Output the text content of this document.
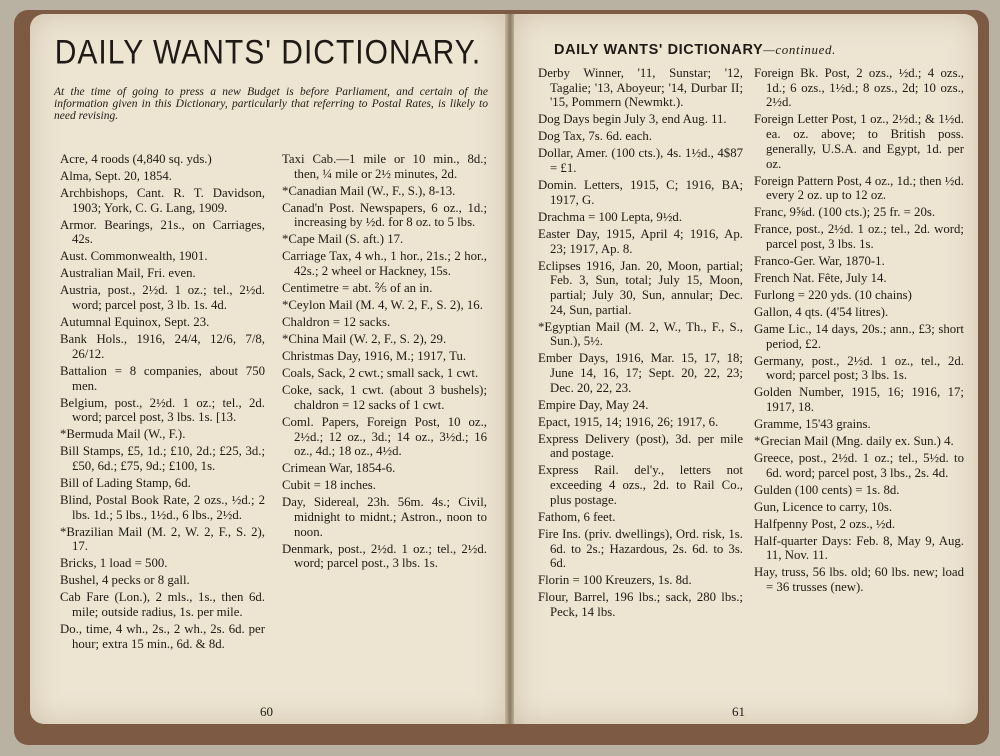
DAILY WANTS' DICTIONARY.
At the time of going to press a new Budget is before Parliament, and certain of the information given in this Dictionary, particularly that referring to Postal Rates, is likely to need revising.
Acre, 4 roods (4,840 sq. yds.)
Alma, Sept. 20, 1854.
Archbishops, Cant. R. T. Davidson, 1903; York, C. G. Lang, 1909.
Armor. Bearings, 21s., on Carriages, 42s.
Aust. Commonwealth, 1901.
Australian Mail, Fri. even.
Austria, post., 2½d. 1 oz.; tel., 2½d. word; parcel post, 3 lb. 1s. 4d.
Autumnal Equinox, Sept. 23.
Bank Hols., 1916, 24/4, 12/6, 7/8, 26/12.
Battalion = 8 companies, about 750 men.
Belgium, post., 2½d. 1 oz.; tel., 2d. word; parcel post, 3 lbs. 1s. [13.
*Bermuda Mail (W., F.).
Bill Stamps, £5, 1d.; £10, 2d.; £25, 3d.; £50, 6d.; £75, 9d.; £100, 1s.
Bill of Lading Stamp, 6d.
Blind, Postal Book Rate, 2 ozs., ½d.; 2 lbs. 1d.; 5 lbs., 1½d., 6 lbs., 2½d.
*Brazilian Mail (M. 2, W. 2, F., S. 2), 17.
Bricks, 1 load = 500.
Bushel, 4 pecks or 8 gall.
Cab Fare (Lon.), 2 mls., 1s., then 6d. mile; outside radius, 1s. per mile.
Do., time, 4 wh., 2s., 2 wh., 2s. 6d. per hour; extra 15 min., 6d. & 8d.
Taxi Cab.—1 mile or 10 min., 8d.; then, ¼ mile or 2½ minutes, 2d.
*Canadian Mail (W., F., S.), 8-13.
Canad'n Post. Newspapers, 6 oz., 1d.; increasing by ½d. for 8 oz. to 5 lbs.
*Cape Mail (S. aft.) 17.
Carriage Tax, 4 wh., 1 hor., 21s.; 2 hor., 42s.; 2 wheel or Hackney, 15s.
Centimetre = abt. ⅖ of an in.
*Ceylon Mail (M. 4, W. 2, F., S. 2), 16.
Chaldron = 12 sacks.
*China Mail (W. 2, F., S. 2), 29.
Christmas Day, 1916, M.; 1917, Tu.
Coals, Sack, 2 cwt.; small sack, 1 cwt.
Coke, sack, 1 cwt. (about 3 bushels); chaldron = 12 sacks of 1 cwt.
Coml. Papers, Foreign Post, 10 oz., 2½d.; 12 oz., 3d.; 14 oz., 3½d.; 16 oz., 4d.; 18 oz., 4½d.
Crimean War, 1854-6.
Cubit = 18 inches.
Day, Sidereal, 23h. 56m. 4s.; Civil, midnight to midnt.; Astron., noon to noon.
Denmark, post., 2½d. 1 oz.; tel., 2½d. word; parcel post., 3 lbs. 1s.
60
DAILY WANTS' DICTIONARY—continued.
Derby Winner, '11, Sunstar; '12, Tagalie; '13, Aboyeur; '14, Durbar II; '15, Pommern (Newmkt.).
Dog Days begin July 3, end Aug. 11.
Dog Tax, 7s. 6d. each.
Dollar, Amer. (100 cts.), 4s. 1½d., 4$87 = £1.
Domin. Letters, 1915, C; 1916, BA; 1917, G.
Drachma = 100 Lepta, 9½d.
Easter Day, 1915, April 4; 1916, Ap. 23; 1917, Ap. 8.
Eclipses 1916, Jan. 20, Moon, partial; Feb. 3, Sun, total; July 15, Moon, partial; July 30, Sun, annular; Dec. 24, Sun, partial.
*Egyptian Mail (M. 2, W., Th., F., S., Sun.), 5½.
Ember Days, 1916, Mar. 15, 17, 18; June 14, 16, 17; Sept. 20, 22, 23; Dec. 20, 22, 23.
Empire Day, May 24.
Epact, 1915, 14; 1916, 26; 1917, 6.
Express Delivery (post), 3d. per mile and postage.
Express Rail. del'y., letters not exceeding 4 ozs., 2d. to Rail Co., plus postage.
Fathom, 6 feet.
Fire Ins. (priv. dwellings), Ord. risk, 1s. 6d. to 2s.; Hazardous, 2s. 6d. to 3s. 6d.
Florin = 100 Kreuzers, 1s. 8d.
Flour, Barrel, 196 lbs.; sack, 280 lbs.; Peck, 14 lbs.
Foreign Bk. Post, 2 ozs., ½d.; 4 ozs., 1d.; 6 ozs., 1½d.; 8 ozs., 2d; 10 ozs., 2½d.
Foreign Letter Post, 1 oz., 2½d.; & 1½d. ea. oz. above; to British poss. generally, U.S.A. and Egypt, 1d. per oz.
Foreign Pattern Post, 4 oz., 1d.; then ½d. every 2 oz. up to 12 oz.
Franc, 9⅝d. (100 cts.); 25 fr. = 20s.
France, post., 2½d. 1 oz.; tel., 2d. word; parcel post, 3 lbs. 1s.
Franco-Ger. War, 1870-1.
French Nat. Fête, July 14.
Furlong = 220 yds. (10 chains)
Gallon, 4 qts. (4'54 litres).
Game Lic., 14 days, 20s.; ann., £3; short period, £2.
Germany, post., 2½d. 1 oz., tel., 2d. word; parcel post; 3 lbs. 1s.
Golden Number, 1915, 16; 1916, 17; 1917, 18.
Gramme, 15'43 grains.
*Grecian Mail (Mng. daily ex. Sun.) 4.
Greece, post., 2½d. 1 oz.; tel., 5½d. to 6d. word; parcel post, 3 lbs., 2s. 4d.
Gulden (100 cents) = 1s. 8d.
Gun, Licence to carry, 10s.
Halfpenny Post, 2 ozs., ½d.
Half-quarter Days: Feb. 8, May 9, Aug. 11, Nov. 11.
Hay, truss, 56 lbs. old; 60 lbs. new; load = 36 trusses (new).
61
